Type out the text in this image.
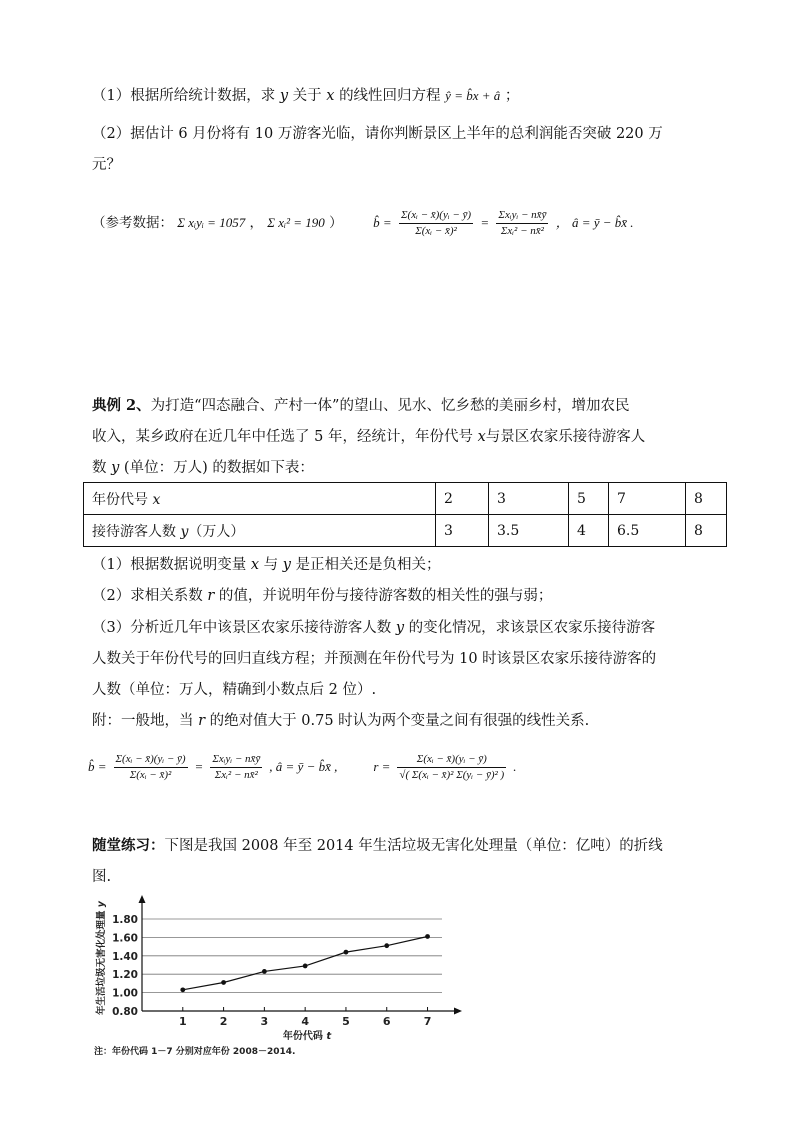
（1）根据所给统计数据，求 y 关于 x 的线性回归方程 ŷ = b̂x + â ；
（2）据估计 6 月份将有 10 万游客光临，请你判断景区上半年的总利润能否突破 220 万
元？
（参考数据： Σ xᵢyᵢ = 1057 ， Σ xᵢ² = 190 ） b̂ = $\frac{\text{Σ(xᵢ − x̄)(yᵢ − ȳ)}}{\text{Σ(xᵢ − x̄)²}} = \frac{\text{Σxᵢyᵢ − nx̄ȳ}}{\text{Σxᵢ² − nx̄²}}$ ， â = ȳ − b̂x̄ .
典例 2、为打造“四态融合、产村一体”的望山、见水、忆乡愁的美丽乡村，增加农民
收入，某乡政府在近几年中任选了 5 年，经统计，年份代号 x与景区农家乐接待游客人
数 y (单位：万人) 的数据如下表：
年份代号 x	2	3	5	7	8
接待游客人数 y（万人）	3	3.5	4	6.5	8
（1）根据数据说明变量 x 与 y 是正相关还是负相关；
（2）求相关系数 r 的值，并说明年份与接待游客数的相关性的强与弱；
（3）分析近几年中该景区农家乐接待游客人数 y 的变化情况，求该景区农家乐接待游客
人数关于年份代号的回归直线方程；并预测在年份代号为 10 时该景区农家乐接待游客的
人数（单位：万人，精确到小数点后 2 位）.
附：一般地，当 r 的绝对值大于 0.75 时认为两个变量之间有很强的线性关系.
b̂ = $\frac{\text{Σ(xᵢ − x̄)(yᵢ − ȳ)}}{\text{Σ(xᵢ − x̄)²}} = \frac{\text{Σxᵢyᵢ − nx̄ȳ}}{\text{Σxᵢ² − nx̄²}}$ , â = ȳ − b̂x̄ ,	$r = \frac{\text{Σ(xᵢ − x̄)(yᵢ − ȳ)}}{\text{√( Σ(xᵢ − x̄)² Σ(yᵢ − ȳ)² )}}$ .
随堂练习：下图是我国 2008 年至 2014 年生活垃圾无害化处理量（单位：亿吨）的折线
图.
0.80
1.00
1.20
1.40
1.60
1.80
1	2	3	4	5	6	7
年生活垃圾无害化处理量 y
年份代码 t
注：年份代码 1－7 分别对应年份 2008－2014.
